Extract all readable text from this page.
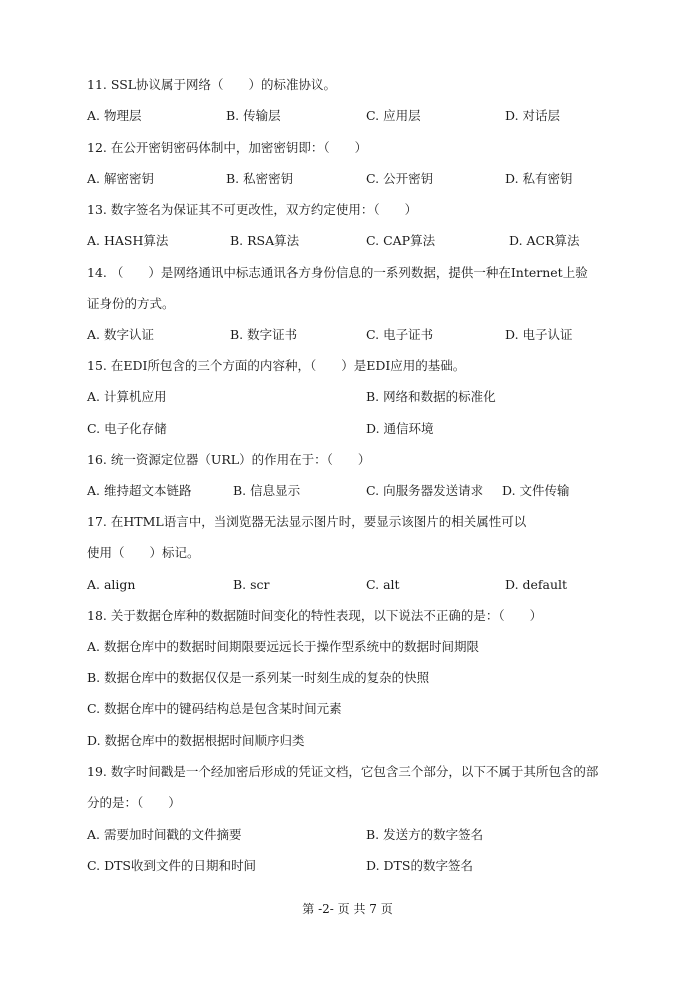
11. SSL协议属于网络（　　）的标准协议。
A. 物理层	B. 传输层	C. 应用层	D. 对话层
12. 在公开密钥密码体制中，加密密钥即：（　　）
A. 解密密钥	B. 私密密钥	C. 公开密钥	D. 私有密钥
13. 数字签名为保证其不可更改性，双方约定使用：（　　）
A. HASH算法	B. RSA算法	C. CAP算法	D. ACR算法
14. （　　）是网络通讯中标志通讯各方身份信息的一系列数据，提供一种在Internet上验
证身份的方式。
A. 数字认证	B. 数字证书	C. 电子证书	D. 电子认证
15. 在EDI所包含的三个方面的内容种，（　　）是EDI应用的基础。
A. 计算机应用	B. 网络和数据的标准化
C. 电子化存储	D. 通信环境
16. 统一资源定位器（URL）的作用在于：（　　）
A. 维持超文本链路	B. 信息显示	C. 向服务器发送请求 D. 文件传输
17. 在HTML语言中，当浏览器无法显示图片时，要显示该图片的相关属性可以
使用（　　）标记。
A. align	B. scr	C. alt	D. default
18. 关于数据仓库种的数据随时间变化的特性表现，以下说法不正确的是：（　　）
A. 数据仓库中的数据时间期限要远远长于操作型系统中的数据时间期限
B. 数据仓库中的数据仅仅是一系列某一时刻生成的复杂的快照
C. 数据仓库中的键码结构总是包含某时间元素
D. 数据仓库中的数据根据时间顺序归类
19. 数字时间戳是一个经加密后形成的凭证文档，它包含三个部分，以下不属于其所包含的部
分的是：（　　）
A. 需要加时间戳的文件摘要	B. 发送方的数字签名
C. DTS收到文件的日期和时间	D. DTS的数字签名
第 -2- 页 共 7 页
